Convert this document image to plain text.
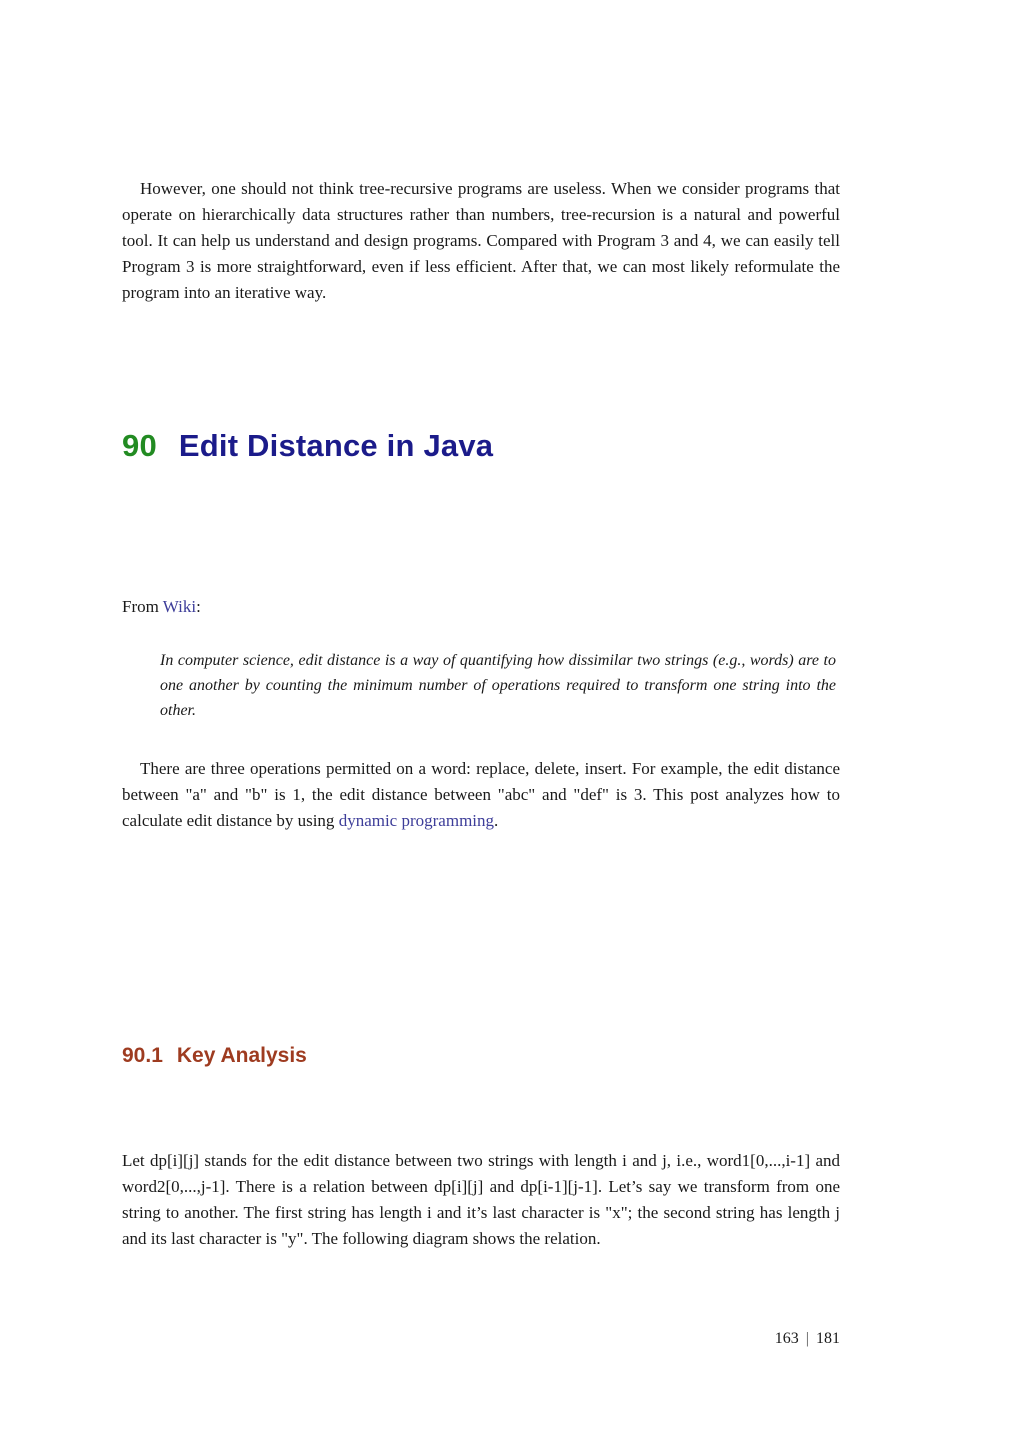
However, one should not think tree-recursive programs are useless. When we consider programs that operate on hierarchically data structures rather than numbers, tree-recursion is a natural and powerful tool. It can help us understand and design programs. Compared with Program 3 and 4, we can easily tell Program 3 is more straightforward, even if less efficient. After that, we can most likely reformulate the program into an iterative way.

90 Edit Distance in Java

From Wiki:

In computer science, edit distance is a way of quantifying how dissimilar two strings (e.g., words) are to one another by counting the minimum number of operations required to transform one string into the other.

There are three operations permitted on a word: replace, delete, insert. For example, the edit distance between "a" and "b" is 1, the edit distance between "abc" and "def" is 3. This post analyzes how to calculate edit distance by using dynamic programming.

90.1 Key Analysis

Let dp[i][j] stands for the edit distance between two strings with length i and j, i.e., word1[0,...,i-1] and word2[0,...,j-1]. There is a relation between dp[i][j] and dp[i-1][j-1]. Let’s say we transform from one string to another. The first string has length i and it’s last character is "x"; the second string has length j and its last character is "y". The following diagram shows the relation.

163 | 181
